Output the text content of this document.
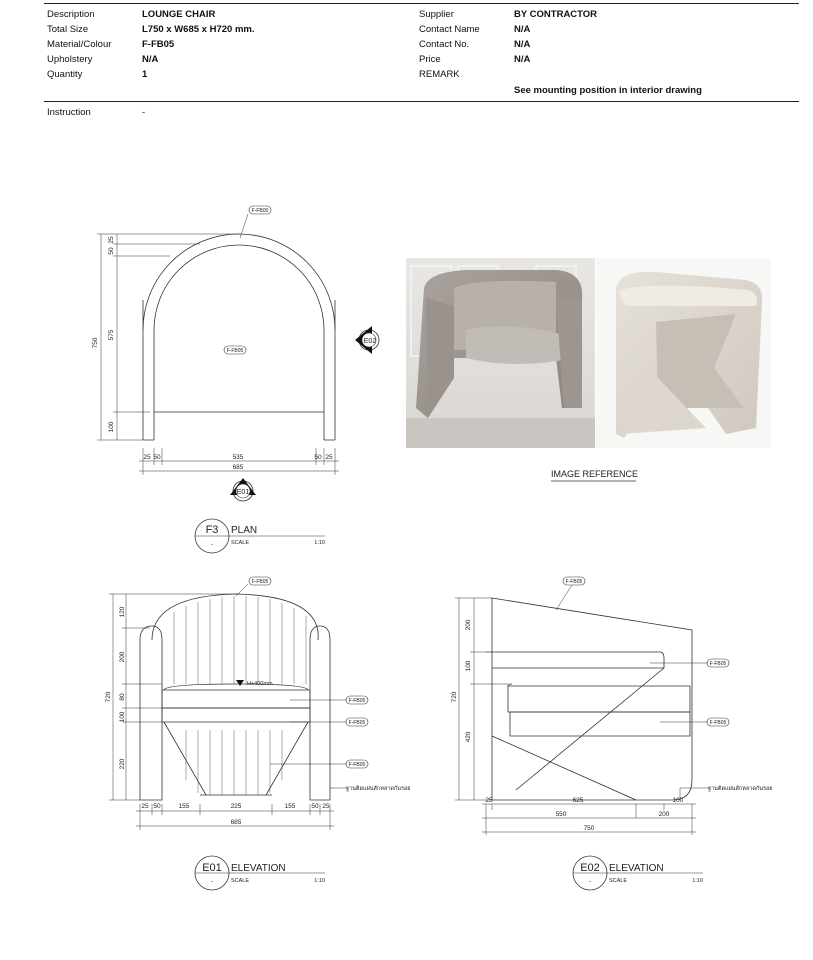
Description	LOUNGE CHAIR
Total Size	L750 x W685 x H720 mm.
Material/Colour	F-FB05
Upholstery	N/A
Quantity	1
Supplier	BY CONTRACTOR
Contact Name	N/A
Contact No.	N/A
Price	N/A
REMARK
See mounting position in interior drawing
Instruction	-
F-FB05
F-FB05
F-FB05
F-FB05
F-FB05
F-FB05
F-FB05
F-FB05
F-FB05
E01
E02
750
50
25
575
100
25 50	535	50 25
685
720
120
200
80
100
220
25 50	155	225	155 50 25
685
H+400mm.
ฐานติดแผ่นสักหลาดกันรอย
720
200
100
420
25	625	100
550	200
750
ฐานติดแผ่นสักหลาดกันรอย
F3
-
PLAN
SCALE	1:10
E01
-
ELEVATION
SCALE	1:10
E02
-
ELEVATION
SCALE	1:10
IMAGE REFERENCE
